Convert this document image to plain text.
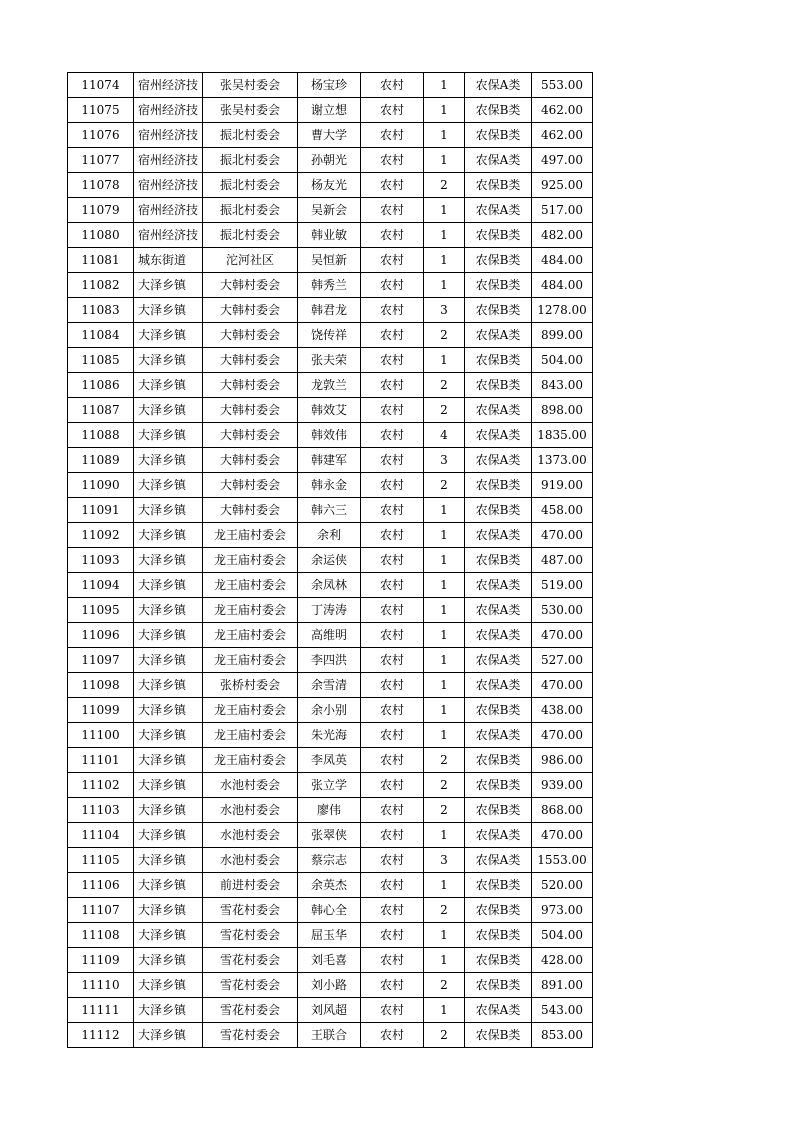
11074	宿州经济技	张吴村委会	杨宝珍	农村	1	农保A类	553.00
11075	宿州经济技	张吴村委会	谢立想	农村	1	农保B类	462.00
11076	宿州经济技	振北村委会	曹大学	农村	1	农保B类	462.00
11077	宿州经济技	振北村委会	孙朝光	农村	1	农保A类	497.00
11078	宿州经济技	振北村委会	杨友光	农村	2	农保B类	925.00
11079	宿州经济技	振北村委会	吴新会	农村	1	农保A类	517.00
11080	宿州经济技	振北村委会	韩业敏	农村	1	农保B类	482.00
11081	城东街道	沱河社区	吴恒新	农村	1	农保B类	484.00
11082	大泽乡镇	大韩村委会	韩秀兰	农村	1	农保B类	484.00
11083	大泽乡镇	大韩村委会	韩君龙	农村	3	农保B类	1278.00
11084	大泽乡镇	大韩村委会	饶传祥	农村	2	农保A类	899.00
11085	大泽乡镇	大韩村委会	张夫荣	农村	1	农保B类	504.00
11086	大泽乡镇	大韩村委会	龙敦兰	农村	2	农保B类	843.00
11087	大泽乡镇	大韩村委会	韩效艾	农村	2	农保A类	898.00
11088	大泽乡镇	大韩村委会	韩效伟	农村	4	农保A类	1835.00
11089	大泽乡镇	大韩村委会	韩建军	农村	3	农保A类	1373.00
11090	大泽乡镇	大韩村委会	韩永金	农村	2	农保B类	919.00
11091	大泽乡镇	大韩村委会	韩六三	农村	1	农保B类	458.00
11092	大泽乡镇	龙王庙村委会	余利	农村	1	农保A类	470.00
11093	大泽乡镇	龙王庙村委会	余运侠	农村	1	农保B类	487.00
11094	大泽乡镇	龙王庙村委会	余凤林	农村	1	农保A类	519.00
11095	大泽乡镇	龙王庙村委会	丁涛涛	农村	1	农保A类	530.00
11096	大泽乡镇	龙王庙村委会	高维明	农村	1	农保A类	470.00
11097	大泽乡镇	龙王庙村委会	李四洪	农村	1	农保A类	527.00
11098	大泽乡镇	张桥村委会	余雪清	农村	1	农保A类	470.00
11099	大泽乡镇	龙王庙村委会	余小别	农村	1	农保B类	438.00
11100	大泽乡镇	龙王庙村委会	朱光海	农村	1	农保A类	470.00
11101	大泽乡镇	龙王庙村委会	李凤英	农村	2	农保B类	986.00
11102	大泽乡镇	水池村委会	张立学	农村	2	农保B类	939.00
11103	大泽乡镇	水池村委会	廖伟	农村	2	农保B类	868.00
11104	大泽乡镇	水池村委会	张翠侠	农村	1	农保A类	470.00
11105	大泽乡镇	水池村委会	蔡宗志	农村	3	农保A类	1553.00
11106	大泽乡镇	前进村委会	余英杰	农村	1	农保B类	520.00
11107	大泽乡镇	雪花村委会	韩心全	农村	2	农保B类	973.00
11108	大泽乡镇	雪花村委会	屈玉华	农村	1	农保B类	504.00
11109	大泽乡镇	雪花村委会	刘毛喜	农村	1	农保B类	428.00
11110	大泽乡镇	雪花村委会	刘小路	农村	2	农保B类	891.00
11111	大泽乡镇	雪花村委会	刘风超	农村	1	农保A类	543.00
11112	大泽乡镇	雪花村委会	王联合	农村	2	农保B类	853.00
